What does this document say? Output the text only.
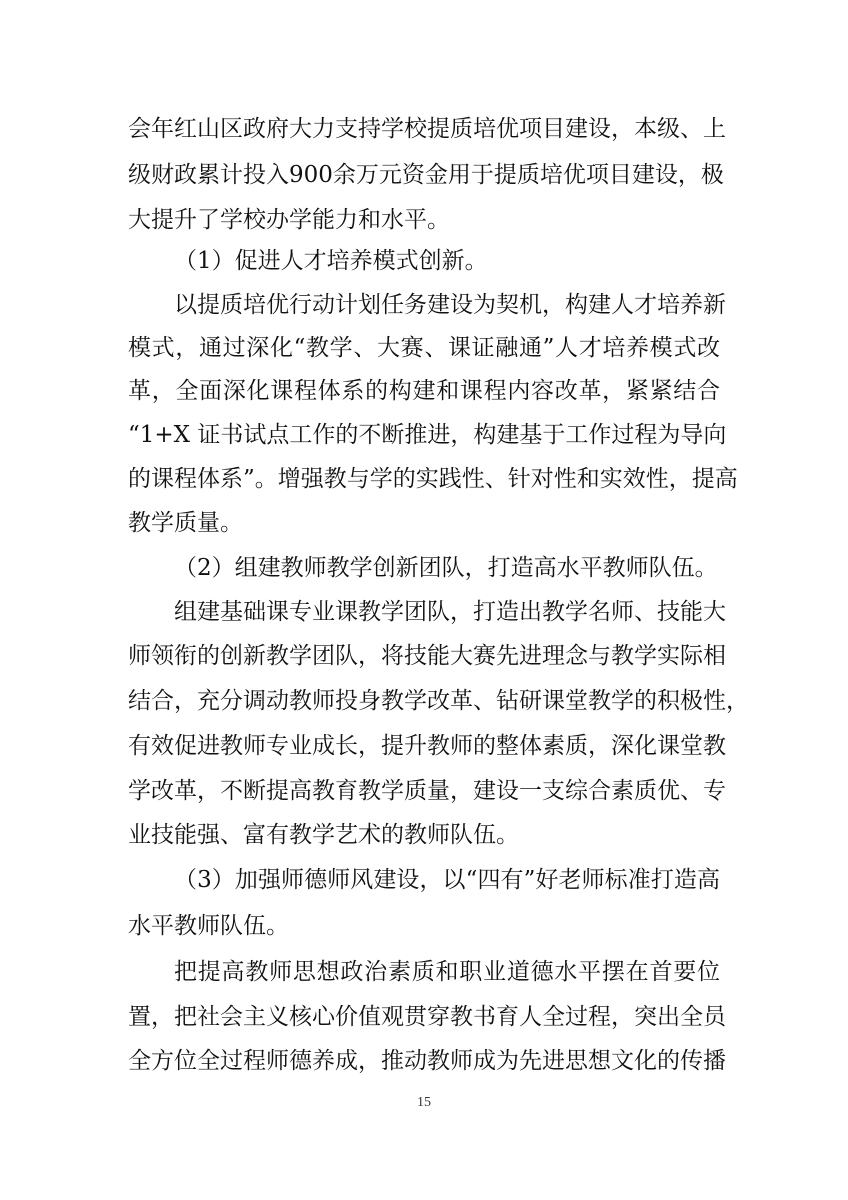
会年红山区政府大力支持学校提质培优项目建设，本级、上
级财政累计投入900余万元资金用于提质培优项目建设，极
大提升了学校办学能力和水平。
（1）促进人才培养模式创新。
以提质培优行动计划任务建设为契机，构建人才培养新
模式，通过深化“教学、大赛、课证融通”人才培养模式改
革，全面深化课程体系的构建和课程内容改革，紧紧结合
“1+X 证书试点工作的不断推进，构建基于工作过程为导向
的课程体系”。增强教与学的实践性、针对性和实效性，提高
教学质量。
（2）组建教师教学创新团队，打造高水平教师队伍。
组建基础课专业课教学团队，打造出教学名师、技能大
师领衔的创新教学团队，将技能大赛先进理念与教学实际相
结合，充分调动教师投身教学改革、钻研课堂教学的积极性，
有效促进教师专业成长，提升教师的整体素质，深化课堂教
学改革，不断提高教育教学质量，建设一支综合素质优、专
业技能强、富有教学艺术的教师队伍。
（3）加强师德师风建设，以“四有”好老师标准打造高
水平教师队伍。
把提高教师思想政治素质和职业道德水平摆在首要位
置，把社会主义核心价值观贯穿教书育人全过程，突出全员
全方位全过程师德养成，推动教师成为先进思想文化的传播
15
